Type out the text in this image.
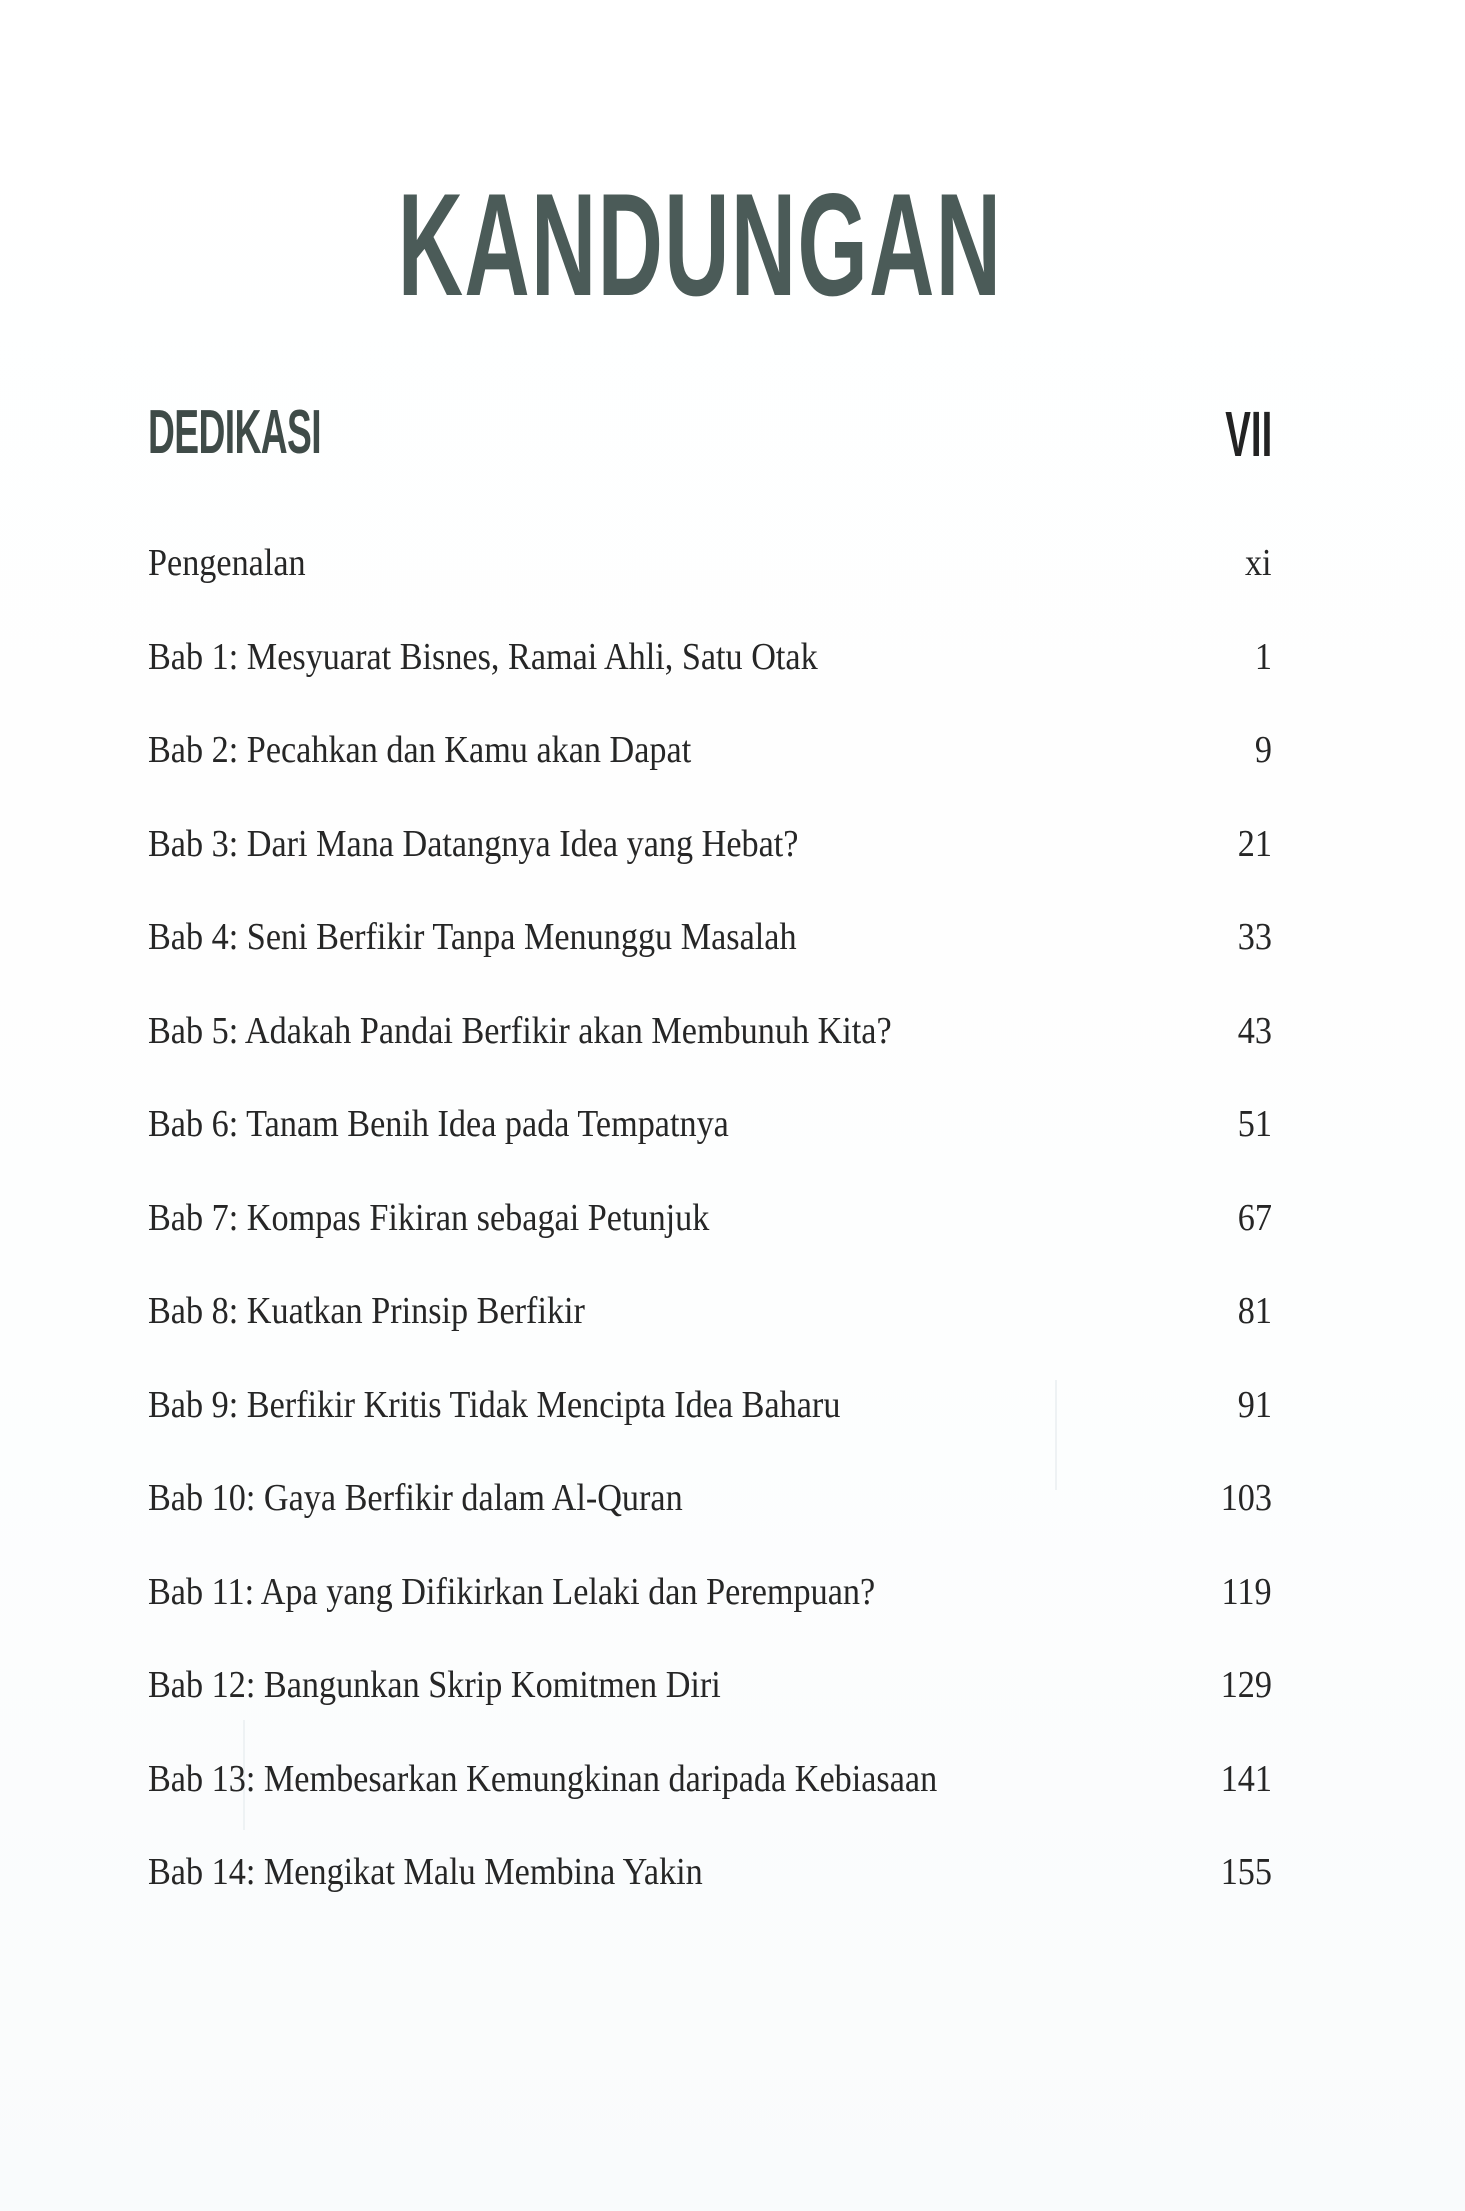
KANDUNGAN
DEDIKASI	VII
Pengenalan	xi
Bab 1: Mesyuarat Bisnes, Ramai Ahli, Satu Otak	1
Bab 2: Pecahkan dan Kamu akan Dapat	9
Bab 3: Dari Mana Datangnya Idea yang Hebat?	21
Bab 4: Seni Berfikir Tanpa Menunggu Masalah	33
Bab 5: Adakah Pandai Berfikir akan Membunuh Kita?	43
Bab 6: Tanam Benih Idea pada Tempatnya	51
Bab 7: Kompas Fikiran sebagai Petunjuk	67
Bab 8: Kuatkan Prinsip Berfikir	81
Bab 9: Berfikir Kritis Tidak Mencipta Idea Baharu	91
Bab 10: Gaya Berfikir dalam Al-Quran	103
Bab 11: Apa yang Difikirkan Lelaki dan Perempuan?	119
Bab 12: Bangunkan Skrip Komitmen Diri	129
Bab 13: Membesarkan Kemungkinan daripada Kebiasaan	141
Bab 14: Mengikat Malu Membina Yakin	155
